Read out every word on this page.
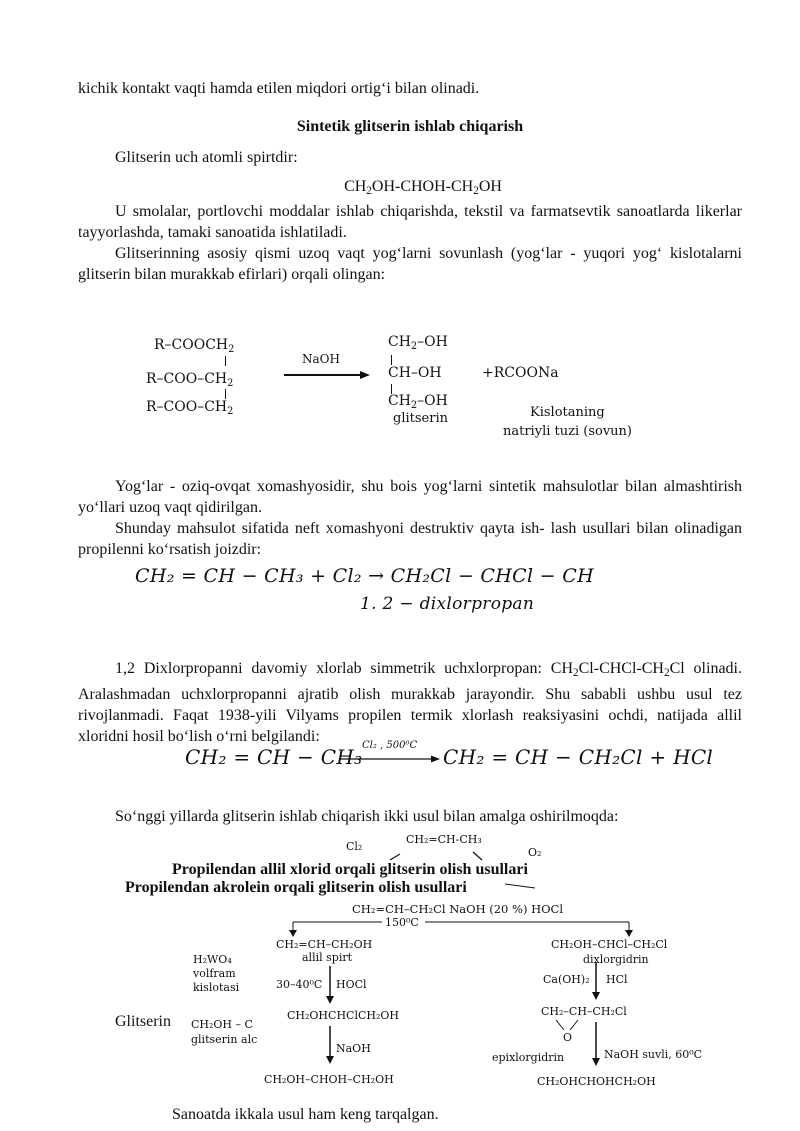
kichik kontakt vaqti hamda etilen miqdori ortig‘i bilan olinadi.
Sintetik glitserin ishlab chiqarish
Glitserin uch atomli spirtdir:
$CH_2OH-CHOH-CH_2OH$
U smolalar, portlovchi moddalar ishlab chiqarishda, tekstil va farmatsevtik sanoatlarda likerlar tayyorlashda, tamaki sanoatida ishlatiladi.
Glitserinning asosiy qismi uzoq vaqt yog‘larni sovunlash (yog‘lar - yuqori yog‘ kislotalarni glitserin bilan murakkab efirlari) orqali olingan:
$R-COOCH_2$
$R-COO-CH_2$
$R-COO-CH_2$
NaOH
$CH_2-OH$
CH–OH
$CH_2-OH$
glitserin
+RCOONa
Kislotaning
natriyli tuzi (sovun)
Yog‘lar - oziq-ovqat xomashyosidir, shu bois yog‘larni sintetik mahsulotlar bilan almashtirish yo‘llari uzoq vaqt qidirilgan.
Shunday mahsulot sifatida neft xomashyoni destruktiv qayta ish- lash usullari bilan olinadigan propilenni ko‘rsatish joizdir:
CH₂ = CH − CH₃ + Cl₂ → CH₂Cl − CHCl − CH
1. 2 − dixlorpropan
1,2 Dixlorpropanni davomiy xlorlab simmetrik uchxlorpropan: $CH_2Cl-CHCl-CH_2Cl$ olinadi. Aralashmadan uchxlorpropanni ajratib olish murakkab jarayondir. Shu sababli ushbu usul tez rivojlanmadi. Faqat 1938-yili Vilyams propilen termik xlorlash reaksiyasini ochdi, natijada allil xloridni hosil bo‘lish o‘rni belgilandi:
CH₂ = CH − CH₃ Cl₂ , 500⁰C CH₂ = CH − CH₂Cl + HCl
So‘nggi yillarda glitserin ishlab chiqarish ikki usul bilan amalga oshirilmoqda:
Cl₂
CH₂=CH-CH₃
O₂
Propilendan allil xlorid orqali glitserin olish usullari
Propilendan akrolein orqali glitserin olish usullari
CH₂=CH–CH₂Cl NaOH (20 %) HOCl
150⁰C
CH₂=CH–CH₂OH
allil spirt
H₂WO₄
volfram
kislotasi	30–40⁰C HOCl
CH₂OHCHClCH₂OH
Glitserin CH₂OH – C
glitserin alc
NaOH
CH₂OH–CHOH–CH₂OH
CH₂OH–CHCl–CH₂Cl
dixlorgidrin
Ca(OH)₂ HCl
CH₂–CH–CH₂Cl
O
epixlorgidrin	NaOH suvli, 60⁰C
CH₂OHCHOHCH₂OH
Sanoatda ikkala usul ham keng tarqalgan.
